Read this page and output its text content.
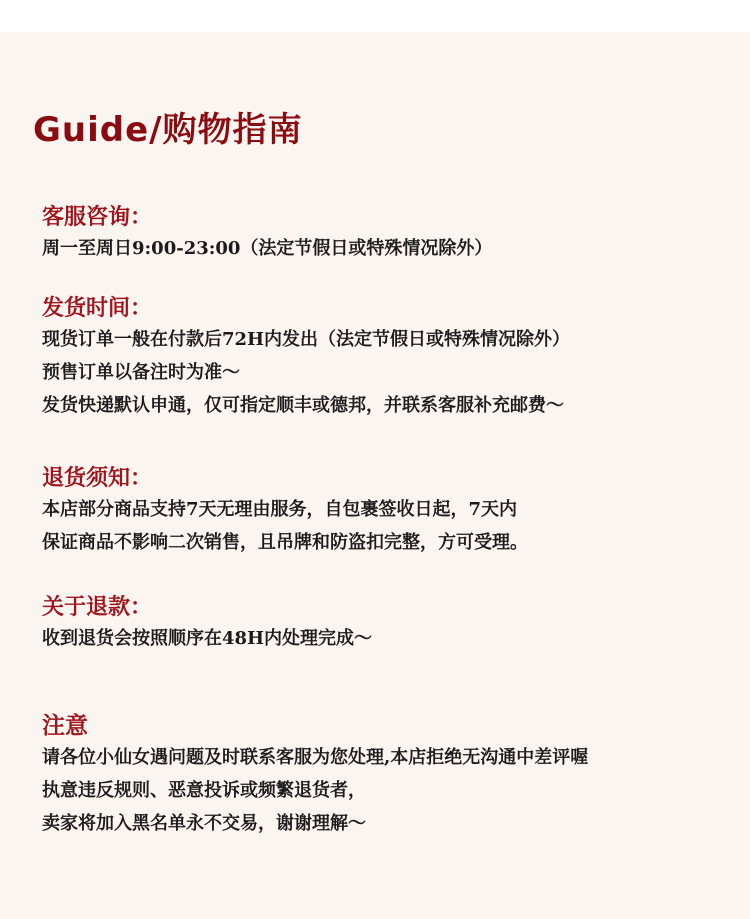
Guide/购物指南
客服咨询：
周一至周日9:00-23:00（法定节假日或特殊情况除外）
发货时间：
现货订单一般在付款后72H内发出（法定节假日或特殊情况除外）
预售订单以备注时为准～
发货快递默认申通，仅可指定顺丰或德邦，并联系客服补充邮费～
退货须知：
本店部分商品支持7天无理由服务，自包裹签收日起，7天内
保证商品不影响二次销售，且吊牌和防盗扣完整，方可受理。
关于退款：
收到退货会按照顺序在48H内处理完成～
注意
请各位小仙女遇问题及时联系客服为您处理,本店拒绝无沟通中差评喔
执意违反规则、恶意投诉或频繁退货者，
卖家将加入黑名单永不交易，谢谢理解～
